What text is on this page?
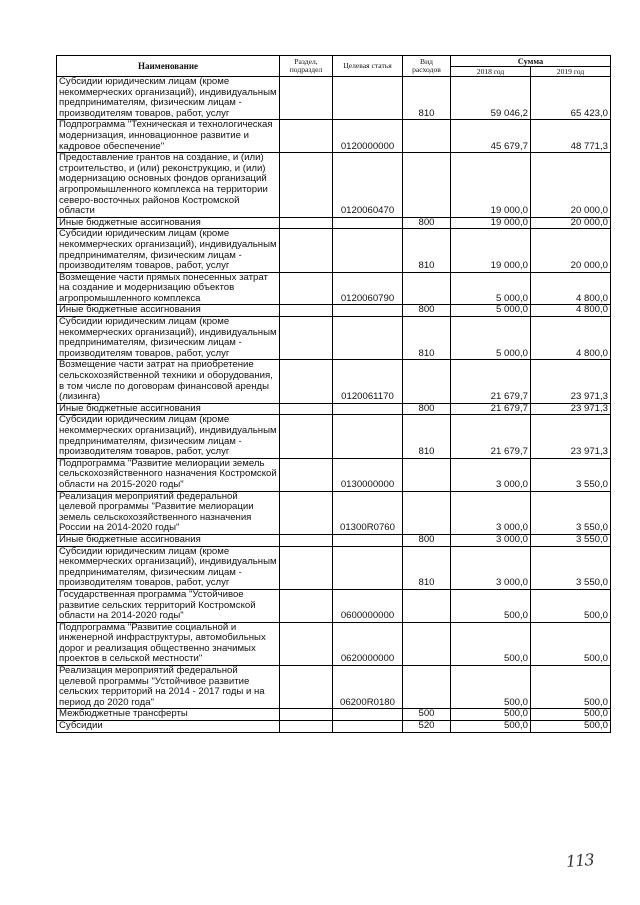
Наименование	Раздел, подраздел	Целевая статья	Вид расходов	Сумма	
				2018 год	2019 год
Субсидии юридическим лицам (кроме некоммерческих организаций), индивидуальным предпринимателям, физическим лицам - производителям товаров, работ, услуг			810	59 046,2	65 423,0
Подпрограмма "Техническая и технологическая модернизация, инновационное развитие и кадровое обеспечение"		0120000000		45 679,7	48 771,3
Предоставление грантов на создание, и (или) строительство, и (или) реконструкцию, и (или) модернизацию основных фондов организаций агропромышленного комплекса на территории северо-восточных районов Костромской области		0120060470		19 000,0	20 000,0
Иные бюджетные ассигнования			800	19 000,0	20 000,0
Субсидии юридическим лицам (кроме некоммерческих организаций), индивидуальным предпринимателям, физическим лицам - производителям товаров, работ, услуг			810	19 000,0	20 000,0
Возмещение части прямых понесенных затрат на создание и модернизацию объектов агропромышленного комплекса		0120060790		5 000,0	4 800,0
Иные бюджетные ассигнования			800	5 000,0	4 800,0
Субсидии юридическим лицам (кроме некоммерческих организаций), индивидуальным предпринимателям, физическим лицам - производителям товаров, работ, услуг			810	5 000,0	4 800,0
Возмещение части затрат на приобретение сельскохозяйственной техники и оборудования, в том числе по договорам финансовой аренды (лизинга)		0120061170		21 679,7	23 971,3
Иные бюджетные ассигнования			800	21 679,7	23 971,3
Субсидии юридическим лицам (кроме некоммерческих организаций), индивидуальным предпринимателям, физическим лицам - производителям товаров, работ, услуг			810	21 679,7	23 971,3
Подпрограмма "Развитие мелиорации земель сельскохозяйственного назначения Костромской области на 2015-2020 годы"		0130000000		3 000,0	3 550,0
Реализация мероприятий федеральной целевой программы "Развитие мелиорации земель сельскохозяйственного назначения России на 2014-2020 годы"		01300R0760		3 000,0	3 550,0
Иные бюджетные ассигнования			800	3 000,0	3 550,0
Субсидии юридическим лицам (кроме некоммерческих организаций), индивидуальным предпринимателям, физическим лицам - производителям товаров, работ, услуг			810	3 000,0	3 550,0
Государственная программа "Устойчивое развитие сельских территорий Костромской области на 2014-2020 годы"		0600000000		500,0	500,0
Подпрограмма "Развитие социальной и инженерной инфраструктуры, автомобильных дорог и реализация общественно значимых проектов в сельской местности"		0620000000		500,0	500,0
Реализация мероприятий федеральной целевой программы "Устойчивое развитие сельских территорий на 2014 - 2017 годы и на период до 2020 года"		06200R0180		500,0	500,0
Межбюджетные трансферты			500	500,0	500,0
Субсидии			520	500,0	500,0
113
